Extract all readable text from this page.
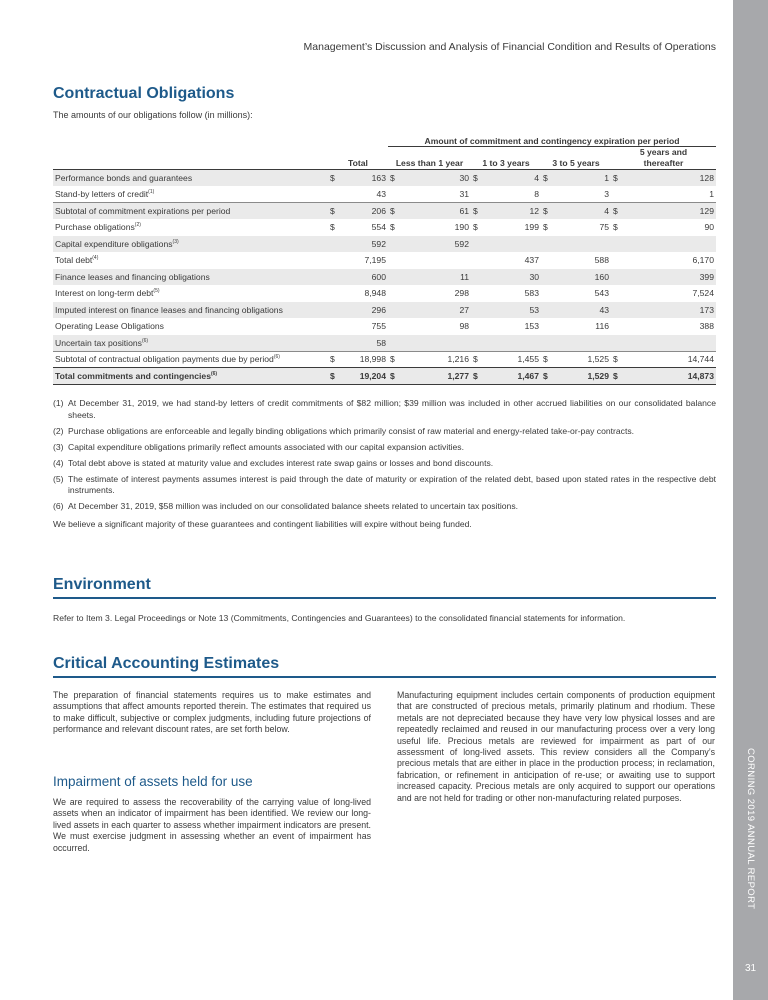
CORNING 2019 ANNUAL REPORT
31
Management’s Discussion and Analysis of Financial Condition and Results of Operations
Contractual Obligations
The amounts of our obligations follow (in millions):
			Amount of commitment and contingency expiration per period							
	Total		Less than 1 year		1 to 3 years		3 to 5 years		5 years and
thereafter	
Performance bonds and guarantees	$	163	$	30	$	4	$	1	$	128
Stand-by letters of credit$^{(1)}$		43		31		8		3		1
Subtotal of commitment expirations per period	$	206	$	61	$	12	$	4	$	129
Purchase obligations$^{(2)}$	$	554	$	190	$	199	$	75	$	90
Capital expenditure obligations$^{(3)}$		592		592						
Total debt$^{(4)}$		7,195				437		588		6,170
Finance leases and financing obligations		600		11		30		160		399
Interest on long-term debt$^{(5)}$		8,948		298		583		543		7,524
Imputed interest on finance leases and financing obligations		296		27		53		43		173
Operating Lease Obligations		755		98		153		116		388
Uncertain tax positions$^{(6)}$		58								
Subtotal of contractual obligation payments due by period$^{(6)}$	$	18,998	$	1,216	$	1,455	$	1,525	$	14,744
Total commitments and contingencies$^{(6)}$	$	19,204	$	1,277	$	1,467	$	1,529	$	14,873
(1) At December 31, 2019, we had stand-by letters of credit commitments of $82 million; $39 million was included in other accrued liabilities on our consolidated balance sheets.
(2) Purchase obligations are enforceable and legally binding obligations which primarily consist of raw material and energy-related take-or-pay contracts.
(3) Capital expenditure obligations primarily reflect amounts associated with our capital expansion activities.
(4) Total debt above is stated at maturity value and excludes interest rate swap gains or losses and bond discounts.
(5) The estimate of interest payments assumes interest is paid through the date of maturity or expiration of the related debt, based upon stated rates in the respective debt instruments.
(6) At December 31, 2019, $58 million was included on our consolidated balance sheets related to uncertain tax positions.
We believe a significant majority of these guarantees and contingent liabilities will expire without being funded.
Environment
Refer to Item 3. Legal Proceedings or Note 13 (Commitments, Contingencies and Guarantees) to the consolidated financial statements for information.
Critical Accounting Estimates
The preparation of financial statements requires us to make estimates and assumptions that affect amounts reported therein. The estimates that required us to make difficult, subjective or complex judgments, including future projections of performance and relevant discount rates, are set forth below.
Impairment of assets held for use
We are required to assess the recoverability of the carrying value of long-lived assets when an indicator of impairment has been identified. We review our long-lived assets in each quarter to assess whether impairment indicators are present. We must exercise judgment in assessing whether an event of impairment has occurred.
Manufacturing equipment includes certain components of production equipment that are constructed of precious metals, primarily platinum and rhodium. These metals are not depreciated because they have very low physical losses and are repeatedly reclaimed and reused in our manufacturing process over a very long useful life. Precious metals are reviewed for impairment as part of our assessment of long-lived assets. This review considers all the Company’s precious metals that are either in place in the production process; in reclamation, fabrication, or refinement in anticipation of re-use; or awaiting use to support increased capacity. Precious metals are only acquired to support our operations and are not held for trading or other non-manufacturing related purposes.
